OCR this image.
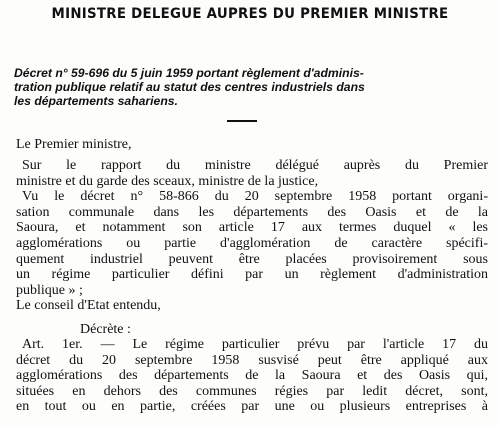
MINISTRE DELEGUE AUPRES DU PREMIER MINISTRE
Décret n° 59-696 du 5 juin 1959 portant règlement d'adminis-
tration publique relatif au statut des centres industriels dans
les départements sahariens.
Le Premier ministre,
Sur le rapport du ministre délégué auprès du Premier
ministre et du garde des sceaux, ministre de la justice,
Vu le décret n° 58-866 du 20 septembre 1958 portant organi-
sation communale dans les départements des Oasis et de la
Saoura, et notamment son article 17 aux termes duquel « les
agglomérations ou partie d'agglomération de caractère spécifi-
quement industriel peuvent être placées provisoirement sous
un régime particulier défini par un règlement d'administration
publique » ;
Le conseil d'Etat entendu,
Décrète :
Art. 1er. — Le régime particulier prévu par l'article 17 du
décret du 20 septembre 1958 susvisé peut être appliqué aux
agglomérations des départements de la Saoura et des Oasis qui,
situées en dehors des communes régies par ledit décret, sont,
en tout ou en partie, créées par une ou plusieurs entreprises à
